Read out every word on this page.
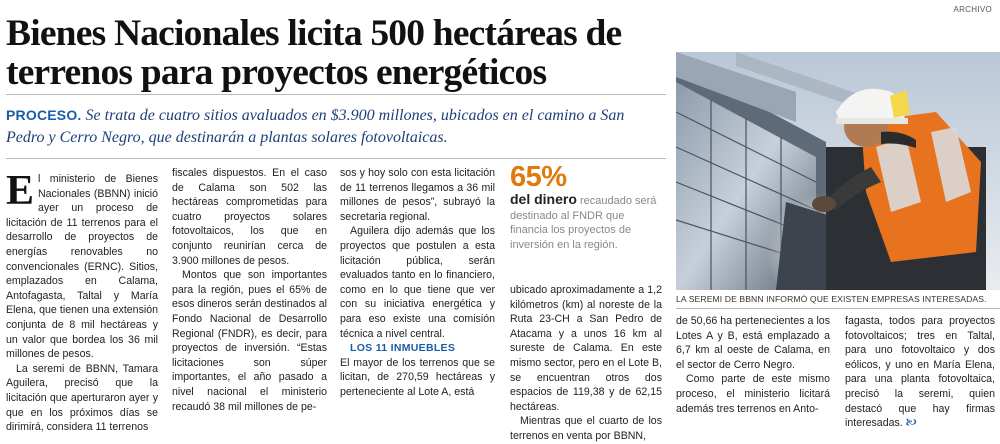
Bienes Nacionales licita 500 hectáreas de terrenos para proyectos energéticos
PROCESO. Se trata de cuatro sitios avaluados en $3.900 millones, ubicados en el camino a San Pedro y Cerro Negro, que destinarán a plantas solares fotovoltaicas.
ARCHIVO
LA SEREMI DE BBNN INFORMÓ QUE EXISTEN EMPRESAS INTERESADAS.

El ministerio de Bienes Nacionales (BBNN) inició ayer un proceso de licitación de 11 terrenos para el desarrollo de proyectos de energías renovables no convencionales (ERNC). Sitios, emplazados en Calama, Antofagasta, Taltal y María Elena, que tienen una extensión conjunta de 8 mil hectáreas y un valor que bordea los 36 mil millones de pesos.

La seremi de BBNN, Tamara Aguilera, precisó que la licitación que aperturaron ayer y que en los próximos días se dirimirá, considera 11 terrenos

fiscales dispuestos. En el caso de Calama son 502 las hectáreas comprometidas para cuatro proyectos solares fotovoltaicos, los que en conjunto reunirían cerca de 3.900 millones de pesos.

Montos que son importantes para la región, pues el 65% de esos dineros serán destinados al Fondo Nacional de Desarrollo Regional (FNDR), es decir, para proyectos de inversión. “Estas licitaciones son súper importantes, el año pasado a nivel nacional el ministerio recaudó 38 mil millones de pe-

sos y hoy solo con esta licitación de 11 terrenos llegamos a 36 mil millones de pesos”, subrayó la secretaria regional.

Aguilera dijo además que los proyectos que postulen a esta licitación pública, serán evaluados tanto en lo financiero, como en lo que tiene que ver con su iniciativa energética y para eso existe una comisión técnica a nivel central.

LOS 11 INMUEBLES

El mayor de los terrenos que se licitan, de 270,59 hectáreas y perteneciente al Lote A, está

65%
del dinero recaudado será destinado al FNDR que financia los proyectos de inversión en la región.

ubicado aproximadamente a 1,2 kilómetros (km) al noreste de la Ruta 23-CH a San Pedro de Atacama y a unos 16 km al sureste de Calama. En este mismo sector, pero en el Lote B, se encuentran otros dos espacios de 119,38 y de 62,15 hectáreas.

Mientras que el cuarto de los terrenos en venta por BBNN,

de 50,66 ha pertenecientes a los Lotes A y B, está emplazado a 6,7 km al oeste de Calama, en el sector de Cerro Negro.

Como parte de este mismo proceso, el ministerio licitará además tres terrenos en Anto-

fagasta, todos para proyectos fotovoltaicos; tres en Taltal, para uno fotovoltaico y dos eólicos, y uno en María Elena, para una planta fotovoltaica, precisó la seremi, quien destacó que hay firmas interesadas. 🙤
